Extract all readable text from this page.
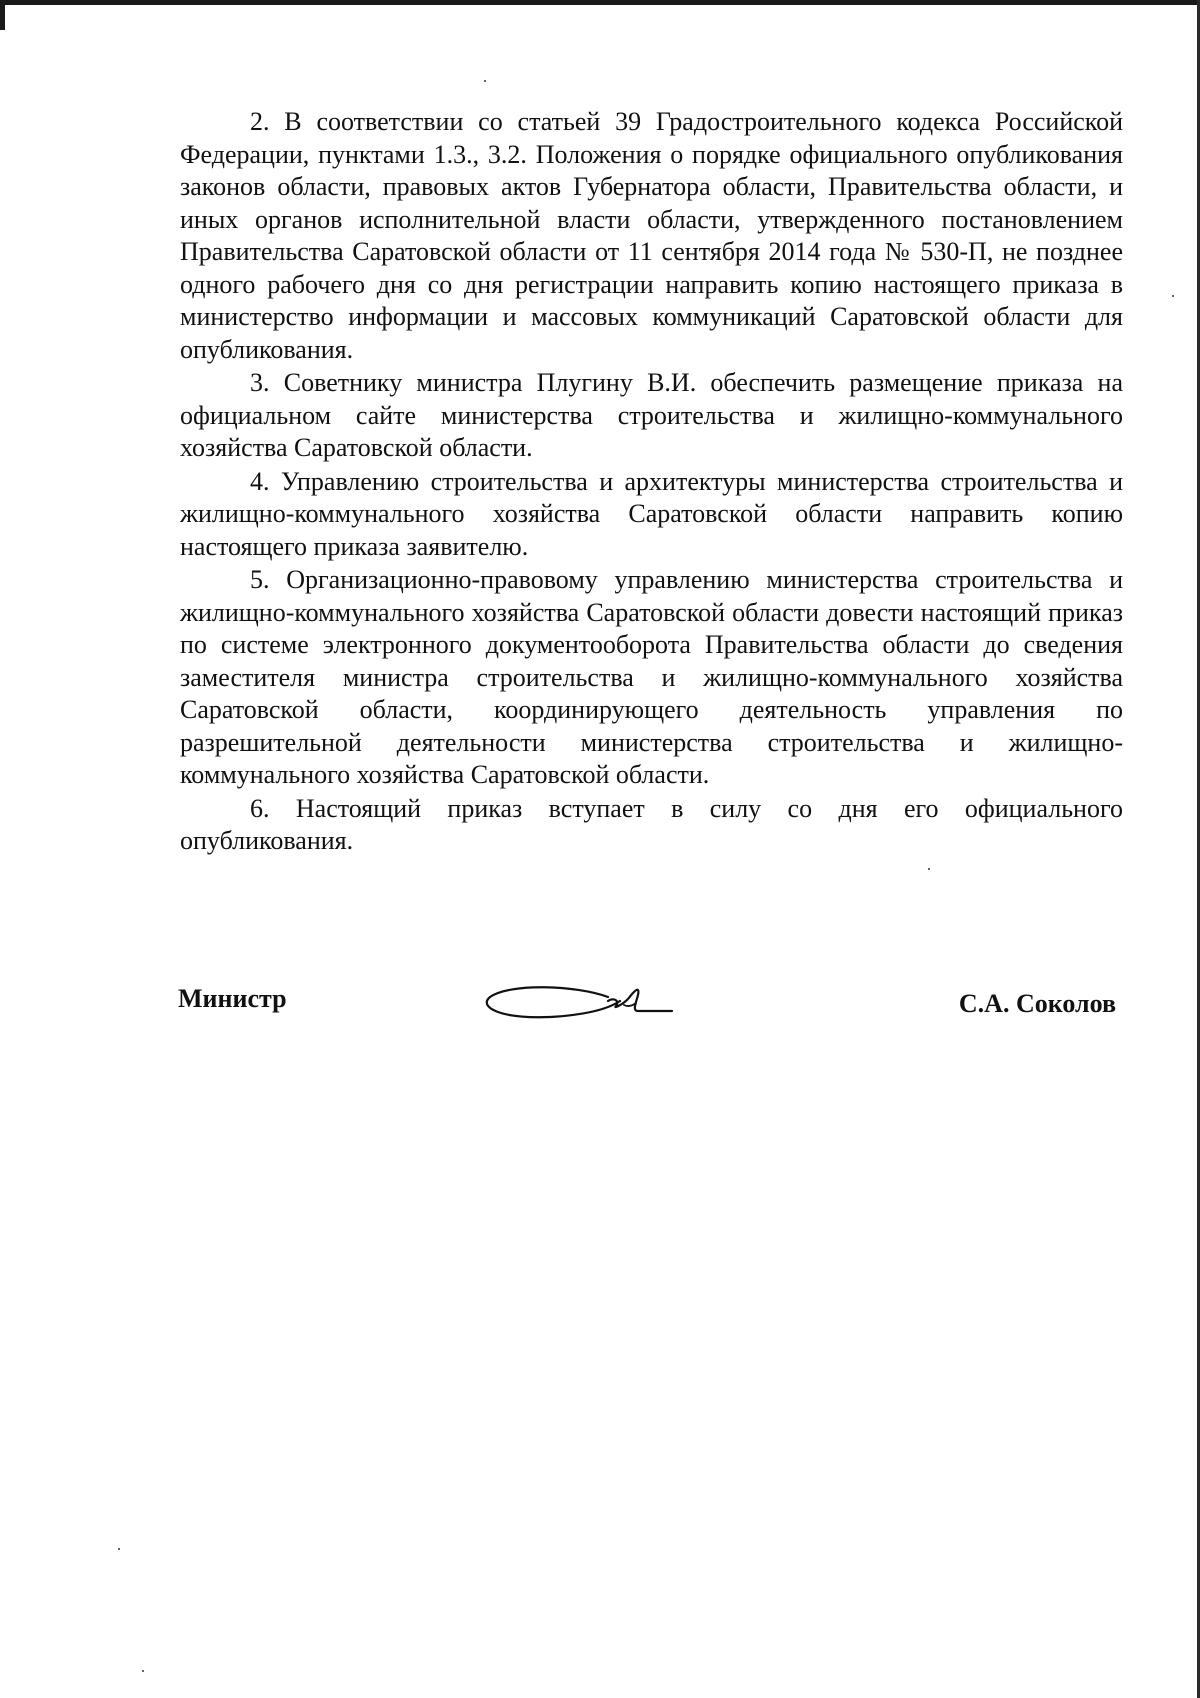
2. В соответствии со статьей 39 Градостроительного кодекса Российской Федерации, пунктами 1.3., 3.2. Положения о порядке официального опубликования законов области, правовых актов Губернатора области, Правительства области, и иных органов исполнительной власти области, утвержденного постановлением Правительства Саратовской области от 11 сентября 2014 года № 530-П, не позднее одного рабочего дня со дня регистрации направить копию настоящего приказа в министерство информации и массовых коммуникаций Саратовской области для опубликования.

3. Советнику министра Плугину В.И. обеспечить размещение приказа на официальном сайте министерства строительства и жилищно-коммунального хозяйства Саратовской области.

4. Управлению строительства и архитектуры министерства строительства и жилищно-коммунального хозяйства Саратовской области направить копию настоящего приказа заявителю.

5. Организационно-правовому управлению министерства строительства и жилищно-коммунального хозяйства Саратовской области довести настоящий приказ по системе электронного документооборота Правительства области до сведения заместителя министра строительства и жилищно-коммунального хозяйства Саратовской области, координирующего деятельность управления по разрешительной деятельности министерства строительства и жилищно-коммунального хозяйства Саратовской области.

6. Настоящий приказ вступает в силу со дня его официального опубликования.

Министр	С.А. Соколов
